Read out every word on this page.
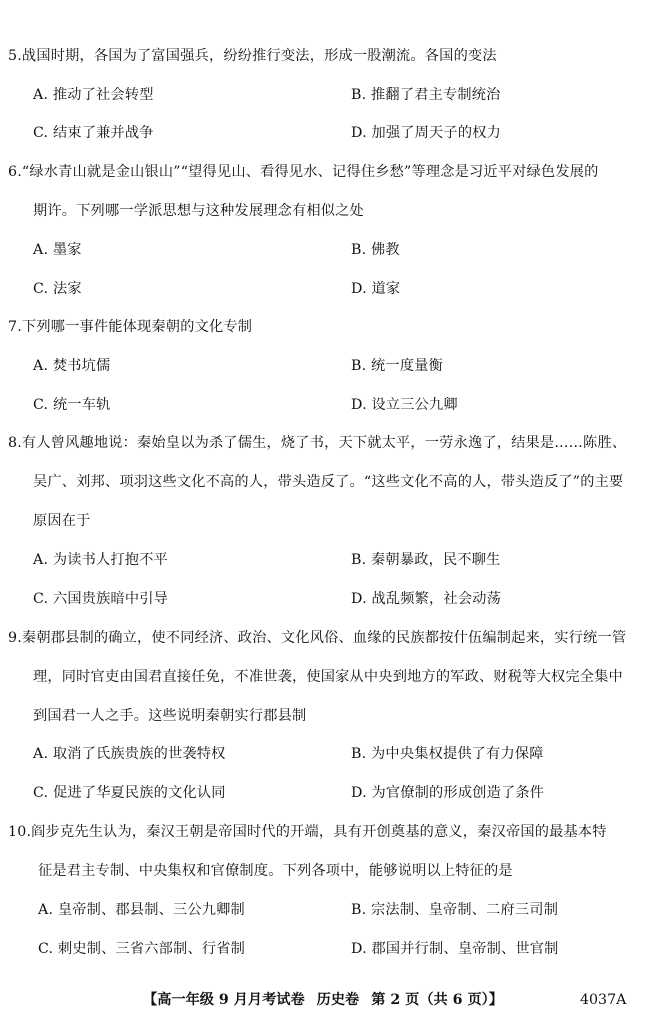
5.战国时期，各国为了富国强兵，纷纷推行变法，形成一股潮流。各国的变法
A. 推动了社会转型	B. 推翻了君主专制统治
C. 结束了兼并战争	D. 加强了周天子的权力
6.“绿水青山就是金山银山”“望得见山、看得见水、记得住乡愁”等理念是习近平对绿色发展的
期许。下列哪一学派思想与这种发展理念有相似之处
A. 墨家	B. 佛教
C. 法家	D. 道家
7.下列哪一事件能体现秦朝的文化专制
A. 焚书坑儒	B. 统一度量衡
C. 统一车轨	D. 设立三公九卿
8.有人曾风趣地说：秦始皇以为杀了儒生，烧了书，天下就太平，一劳永逸了，结果是……陈胜、
吴广、刘邦、项羽这些文化不高的人，带头造反了。“这些文化不高的人，带头造反了”的主要
原因在于
A. 为读书人打抱不平	B. 秦朝暴政，民不聊生
C. 六国贵族暗中引导	D. 战乱频繁，社会动荡
9.秦朝郡县制的确立，使不同经济、政治、文化风俗、血缘的民族都按什伍编制起来，实行统一管
理，同时官吏由国君直接任免，不准世袭，使国家从中央到地方的军政、财税等大权完全集中
到国君一人之手。这些说明秦朝实行郡县制
A. 取消了氏族贵族的世袭特权	B. 为中央集权提供了有力保障
C. 促进了华夏民族的文化认同	D. 为官僚制的形成创造了条件
10.阎步克先生认为，秦汉王朝是帝国时代的开端，具有开创奠基的意义，秦汉帝国的最基本特
征是君主专制、中央集权和官僚制度。下列各项中，能够说明以上特征的是
A. 皇帝制、郡县制、三公九卿制	B. 宗法制、皇帝制、二府三司制
C. 刺史制、三省六部制、行省制	D. 郡国并行制、皇帝制、世官制
【高一年级 9 月月考试卷 历史卷 第 2 页（共 6 页）】	4037A
